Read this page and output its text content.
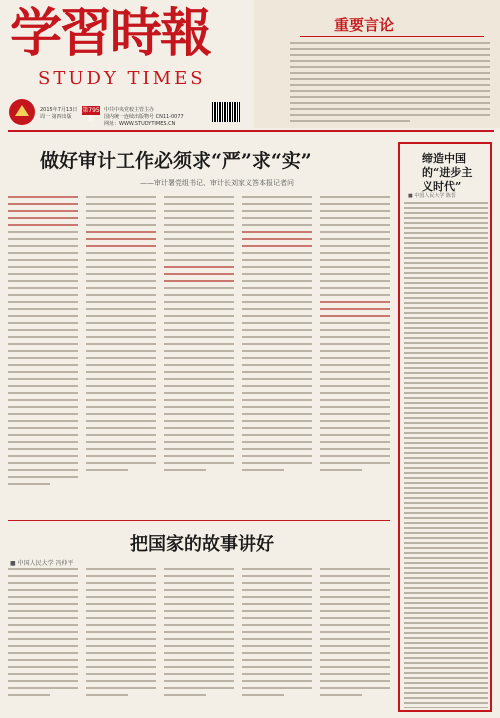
学習時報
STUDY TIMES
2015年7月13日
周一 第四出版
第795期
中共中央党校主管主办
国内统一连续出版物号 CN11-0077
网址：WWW.STUDYTIMES.CN
重要言论
做好审计工作必须求“严”求“实”
——审计署党组书记、审计长刘家义答本报记者问
把国家的故事讲好
■ 中国人民大学 冯仲平
缔造中国的“进步主义时代”
■ 中国人民大学 陈晋
